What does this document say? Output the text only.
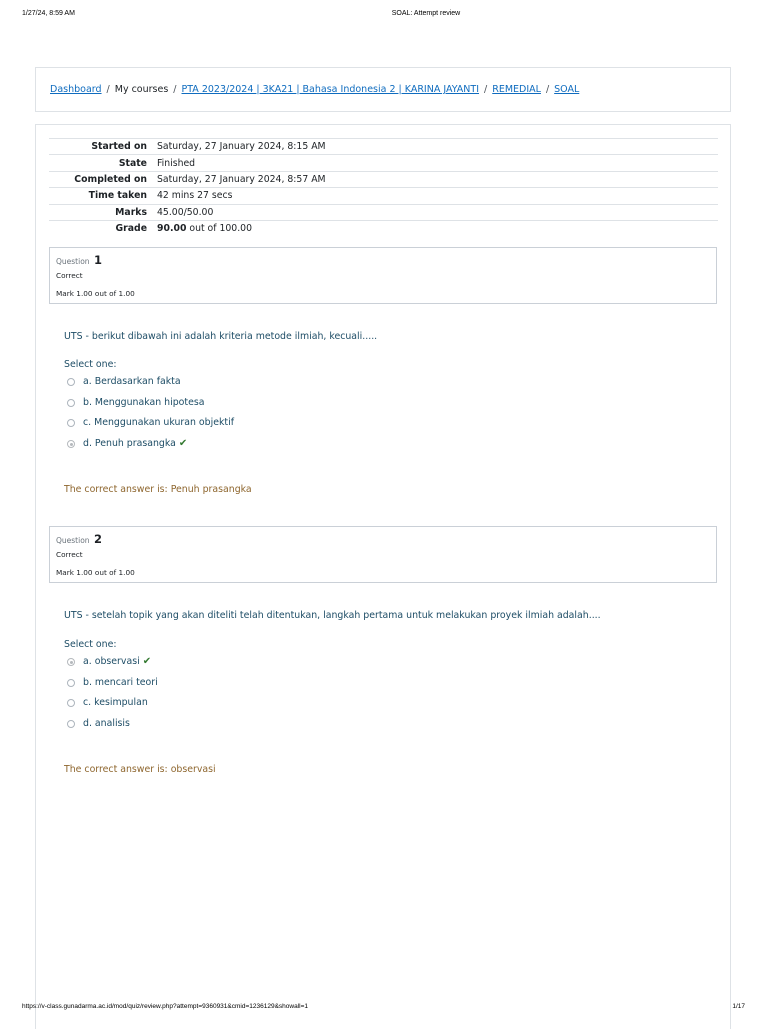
1/27/24, 8:59 AM	SOAL: Attempt review
Dashboard / My courses / PTA 2023/2024 | 3KA21 | Bahasa Indonesia 2 | KARINA JAYANTI / REMEDIAL / SOAL
Started on	Saturday, 27 January 2024, 8:15 AM
State	Finished
Completed on	Saturday, 27 January 2024, 8:57 AM
Time taken	42 mins 27 secs
Marks	45.00/50.00
Grade	90.00 out of 100.00
Question 1
Correct
Mark 1.00 out of 1.00
UTS - berikut dibawah ini adalah kriteria metode ilmiah, kecuali.....
Select one:
a. Berdasarkan fakta
b. Menggunakan hipotesa
c. Menggunakan ukuran objektif
d. Penuh prasangka ✔
The correct answer is: Penuh prasangka
Question 2
Correct
Mark 1.00 out of 1.00
UTS - setelah topik yang akan diteliti telah ditentukan, langkah pertama untuk melakukan proyek ilmiah adalah....
Select one:
a. observasi ✔
b. mencari teori
c. kesimpulan
d. analisis
The correct answer is: observasi
https://v-class.gunadarma.ac.id/mod/quiz/review.php?attempt=9360931&cmid=1236129&showall=1	1/17
